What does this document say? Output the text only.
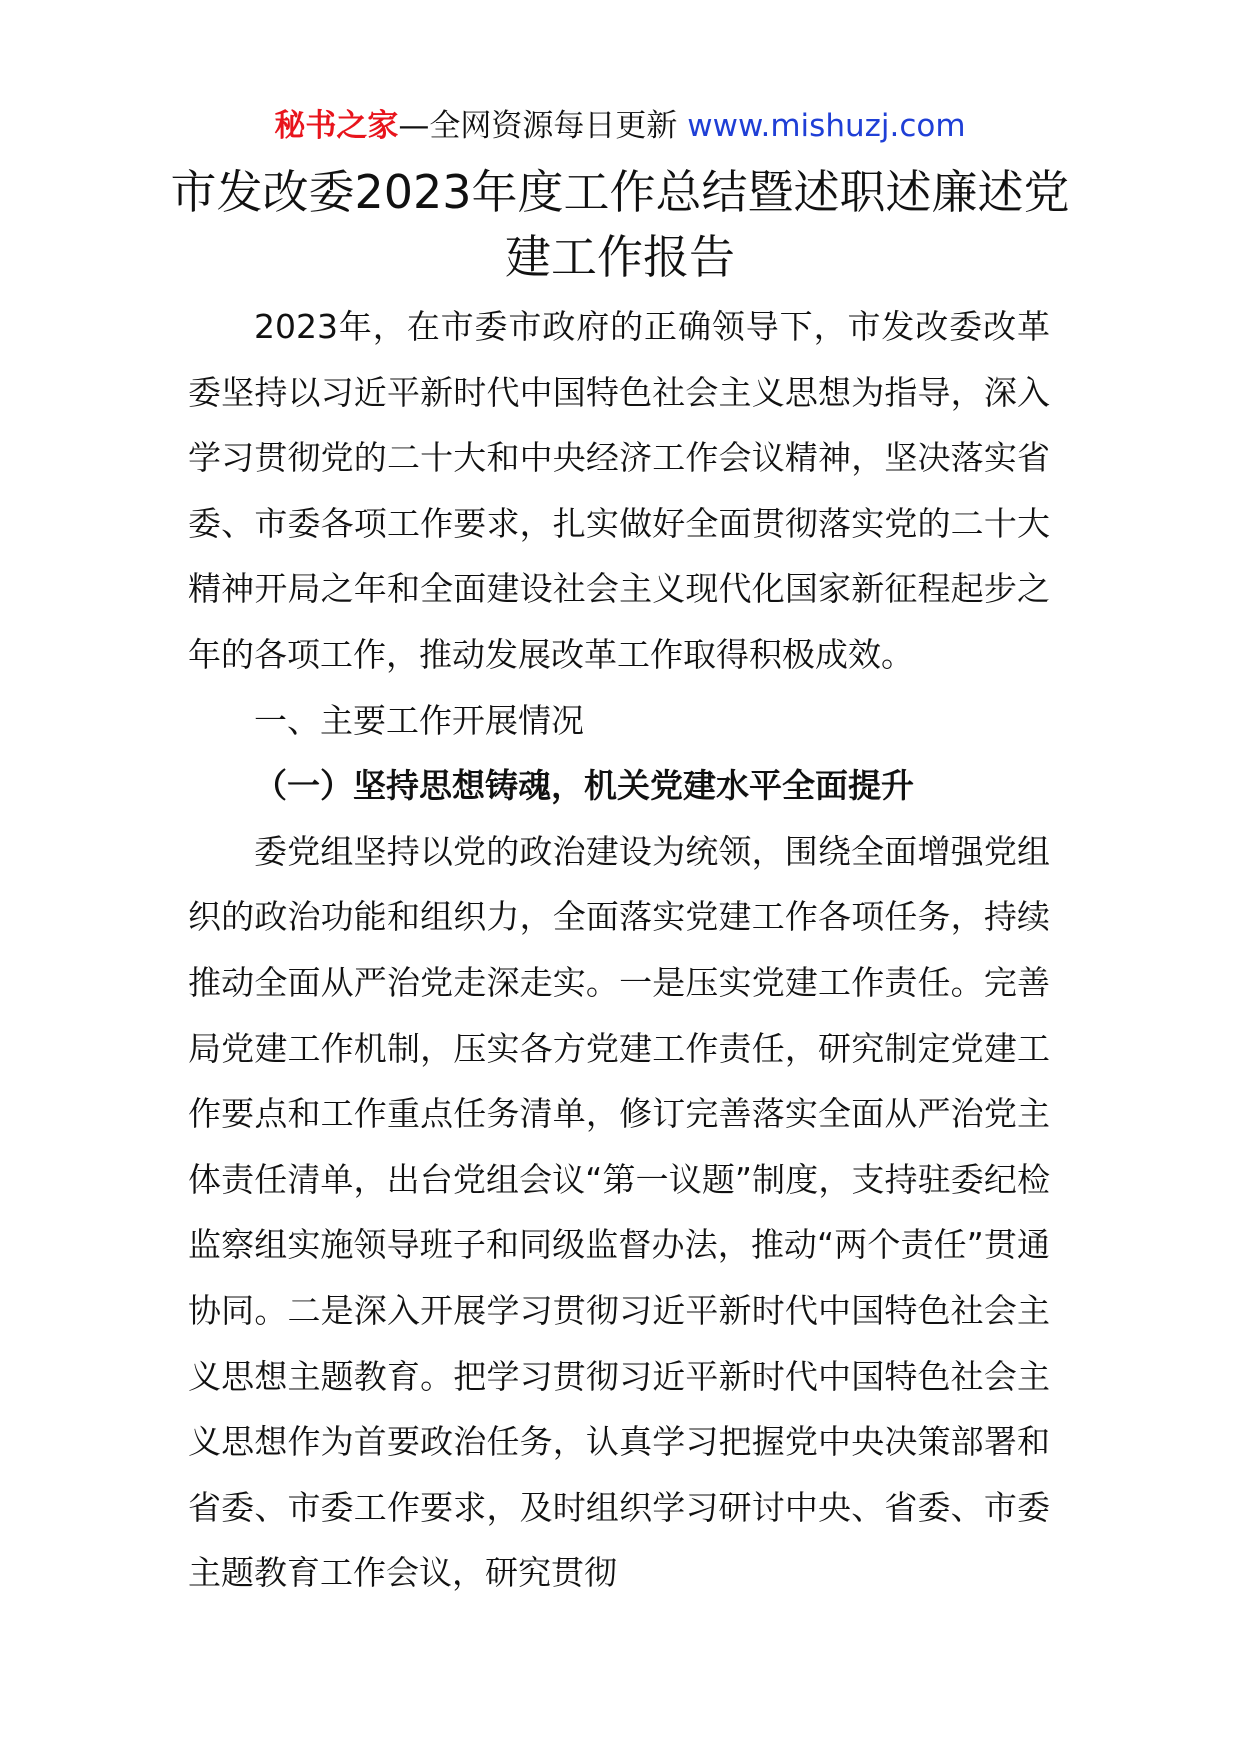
秘书之家—全网资源每日更新 www.mishuzj.com
市发改委2023年度工作总结暨述职述廉述党建工作报告

2023年，在市委市政府的正确领导下，市发改委改革委坚持以习近平新时代中国特色社会主义思想为指导，深入学习贯彻党的二十大和中央经济工作会议精神，坚决落实省委、市委各项工作要求，扎实做好全面贯彻落实党的二十大精神开局之年和全面建设社会主义现代化国家新征程起步之年的各项工作，推动发展改革工作取得积极成效。

一、主要工作开展情况

（一）坚持思想铸魂，机关党建水平全面提升

委党组坚持以党的政治建设为统领，围绕全面增强党组织的政治功能和组织力，全面落实党建工作各项任务，持续推动全面从严治党走深走实。一是压实党建工作责任。完善局党建工作机制，压实各方党建工作责任，研究制定党建工作要点和工作重点任务清单，修订完善落实全面从严治党主体责任清单，出台党组会议“第一议题”制度，支持驻委纪检监察组实施领导班子和同级监督办法，推动“两个责任”贯通协同。二是深入开展学习贯彻习近平新时代中国特色社会主义思想主题教育。把学习贯彻习近平新时代中国特色社会主义思想作为首要政治任务，认真学习把握党中央决策部署和省委、市委工作要求，及时组织学习研讨中央、省委、市委主题教育工作会议，研究贯彻
